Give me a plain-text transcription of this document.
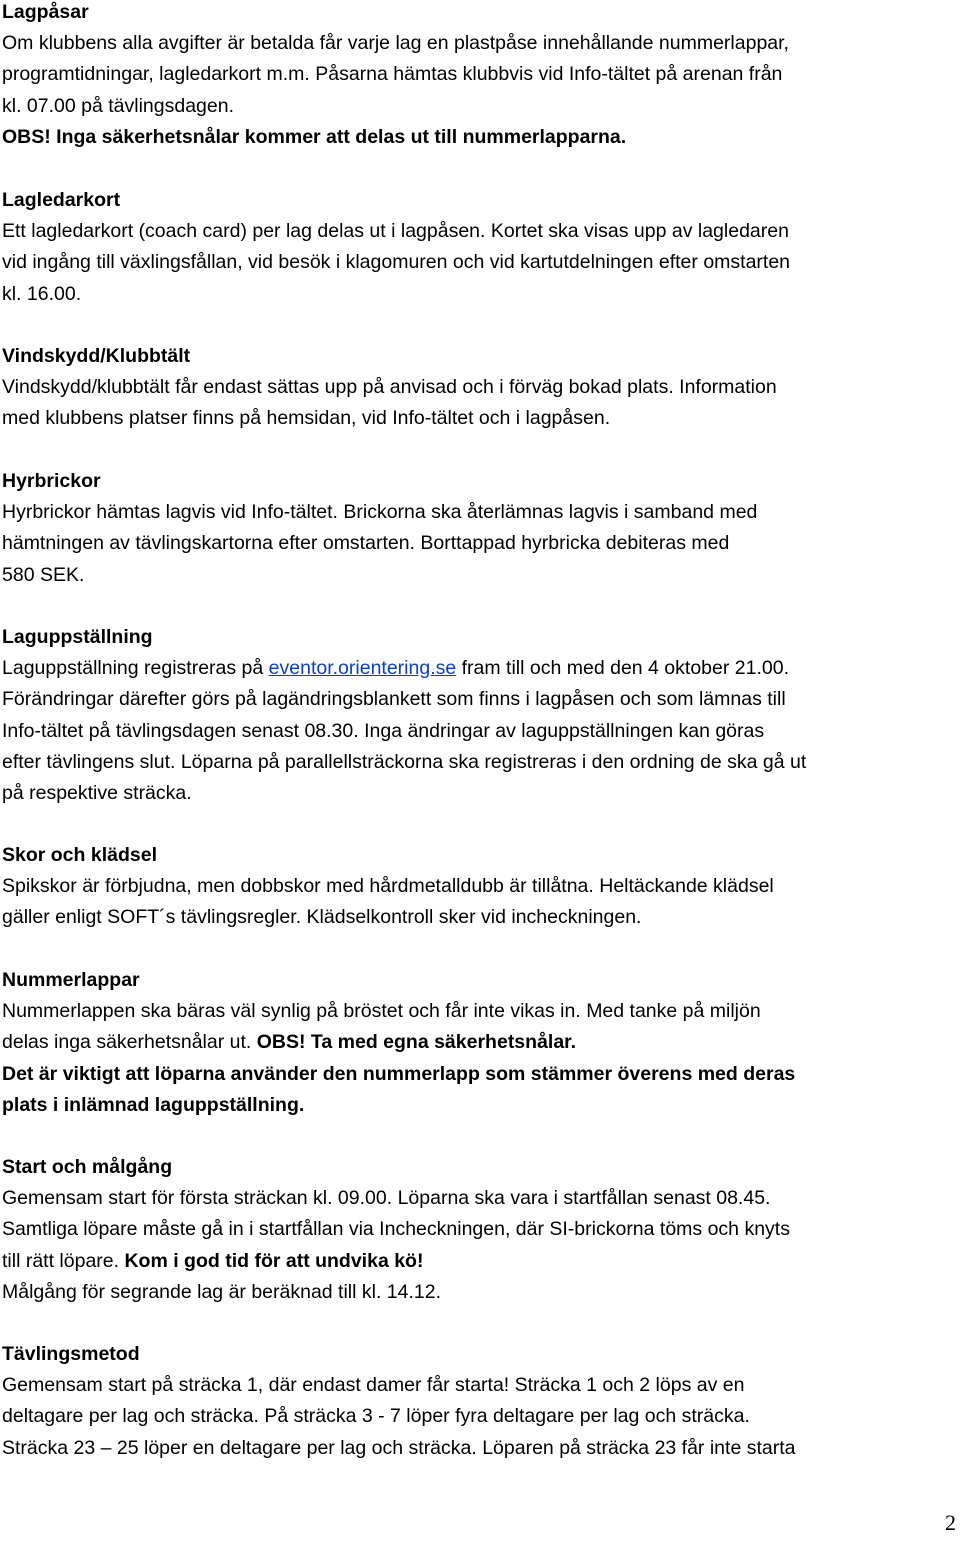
Lagpåsar
Om klubbens alla avgifter är betalda får varje lag en plastpåse innehållande nummerlappar,
programtidningar, lagledarkort m.m. Påsarna hämtas klubbvis vid Info-tältet på arenan från
kl. 07.00 på tävlingsdagen.
OBS! Inga säkerhetsnålar kommer att delas ut till nummerlapparna.
Lagledarkort
Ett lagledarkort (coach card) per lag delas ut i lagpåsen. Kortet ska visas upp av lagledaren
vid ingång till växlingsfållan, vid besök i klagomuren och vid kartutdelningen efter omstarten
kl. 16.00.
Vindskydd/Klubbtält
Vindskydd/klubbtält får endast sättas upp på anvisad och i förväg bokad plats. Information
med klubbens platser finns på hemsidan, vid Info-tältet och i lagpåsen.
Hyrbrickor
Hyrbrickor hämtas lagvis vid Info-tältet. Brickorna ska återlämnas lagvis i samband med
hämtningen av tävlingskartorna efter omstarten. Borttappad hyrbricka debiteras med
580 SEK.
Laguppställning
Laguppställning registreras på eventor.orientering.se fram till och med den 4 oktober 21.00.
Förändringar därefter görs på lagändringsblankett som finns i lagpåsen och som lämnas till
Info-tältet på tävlingsdagen senast 08.30. Inga ändringar av laguppställningen kan göras
efter tävlingens slut. Löparna på parallellsträckorna ska registreras i den ordning de ska gå ut
på respektive sträcka.
Skor och klädsel
Spikskor är förbjudna, men dobbskor med hårdmetalldubb är tillåtna. Heltäckande klädsel
gäller enligt SOFT´s tävlingsregler. Klädselkontroll sker vid incheckningen.
Nummerlappar
Nummerlappen ska bäras väl synlig på bröstet och får inte vikas in. Med tanke på miljön
delas inga säkerhetsnålar ut. OBS! Ta med egna säkerhetsnålar.
Det är viktigt att löparna använder den nummerlapp som stämmer överens med deras
plats i inlämnad laguppställning.
Start och målgång
Gemensam start för första sträckan kl. 09.00. Löparna ska vara i startfållan senast 08.45.
Samtliga löpare måste gå in i startfållan via Incheckningen, där SI-brickorna töms och knyts
till rätt löpare. Kom i god tid för att undvika kö!
Målgång för segrande lag är beräknad till kl. 14.12.
Tävlingsmetod
Gemensam start på sträcka 1, där endast damer får starta! Sträcka 1 och 2 löps av en
deltagare per lag och sträcka. På sträcka 3 - 7 löper fyra deltagare per lag och sträcka.
Sträcka 23 – 25 löper en deltagare per lag och sträcka. Löparen på sträcka 23 får inte starta
2
